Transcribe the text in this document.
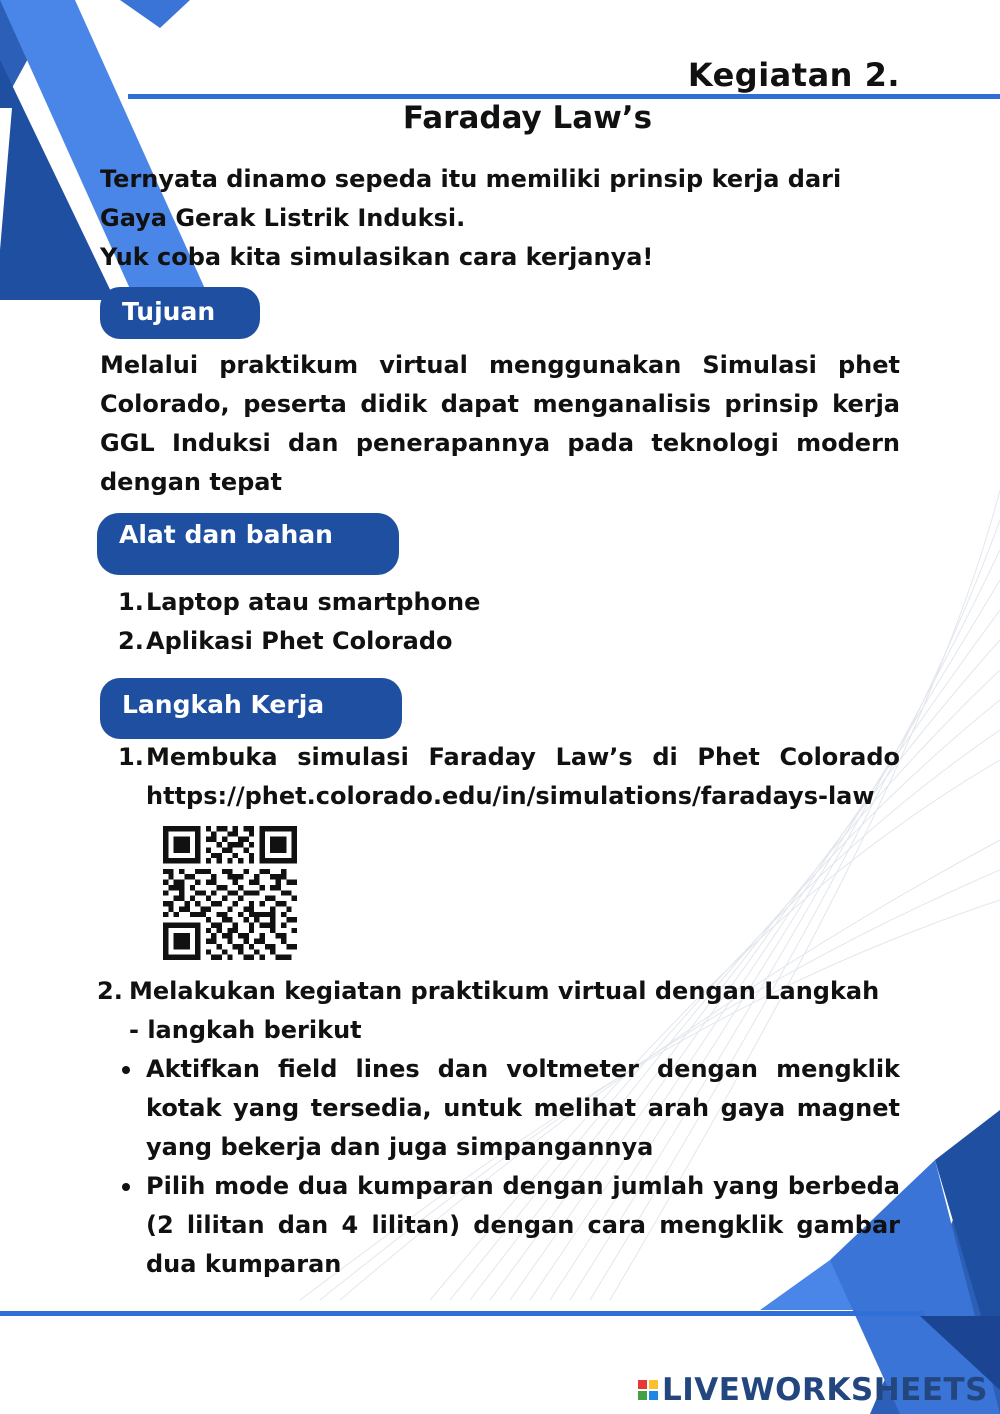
Kegiatan 2.
Faraday Law’s
Ternyata dinamo sepeda itu memiliki prinsip kerja dari Gaya Gerak Listrik Induksi.
Yuk coba kita simulasikan cara kerjanya!
Tujuan
Melalui praktikum virtual menggunakan Simulasi phet Colorado, peserta didik dapat menganalisis prinsip kerja GGL Induksi dan penerapannya pada teknologi modern dengan tepat
Alat dan bahan
1. Laptop atau smartphone
2. Aplikasi Phet Colorado
Langkah Kerja
1. Membuka simulasi Faraday Law’s di Phet Colorado https://phet.colorado.edu/in/simulations/faradays-law
2. Melakukan kegiatan praktikum virtual dengan Langkah - langkah berikut
Aktifkan field lines dan voltmeter dengan mengklik kotak yang tersedia, untuk melihat arah gaya magnet yang bekerja dan juga simpangannya
Pilih mode dua kumparan dengan jumlah yang berbeda (2 lilitan dan 4 lilitan) dengan cara mengklik gambar dua kumparan
LIVEWORKSHEETS
